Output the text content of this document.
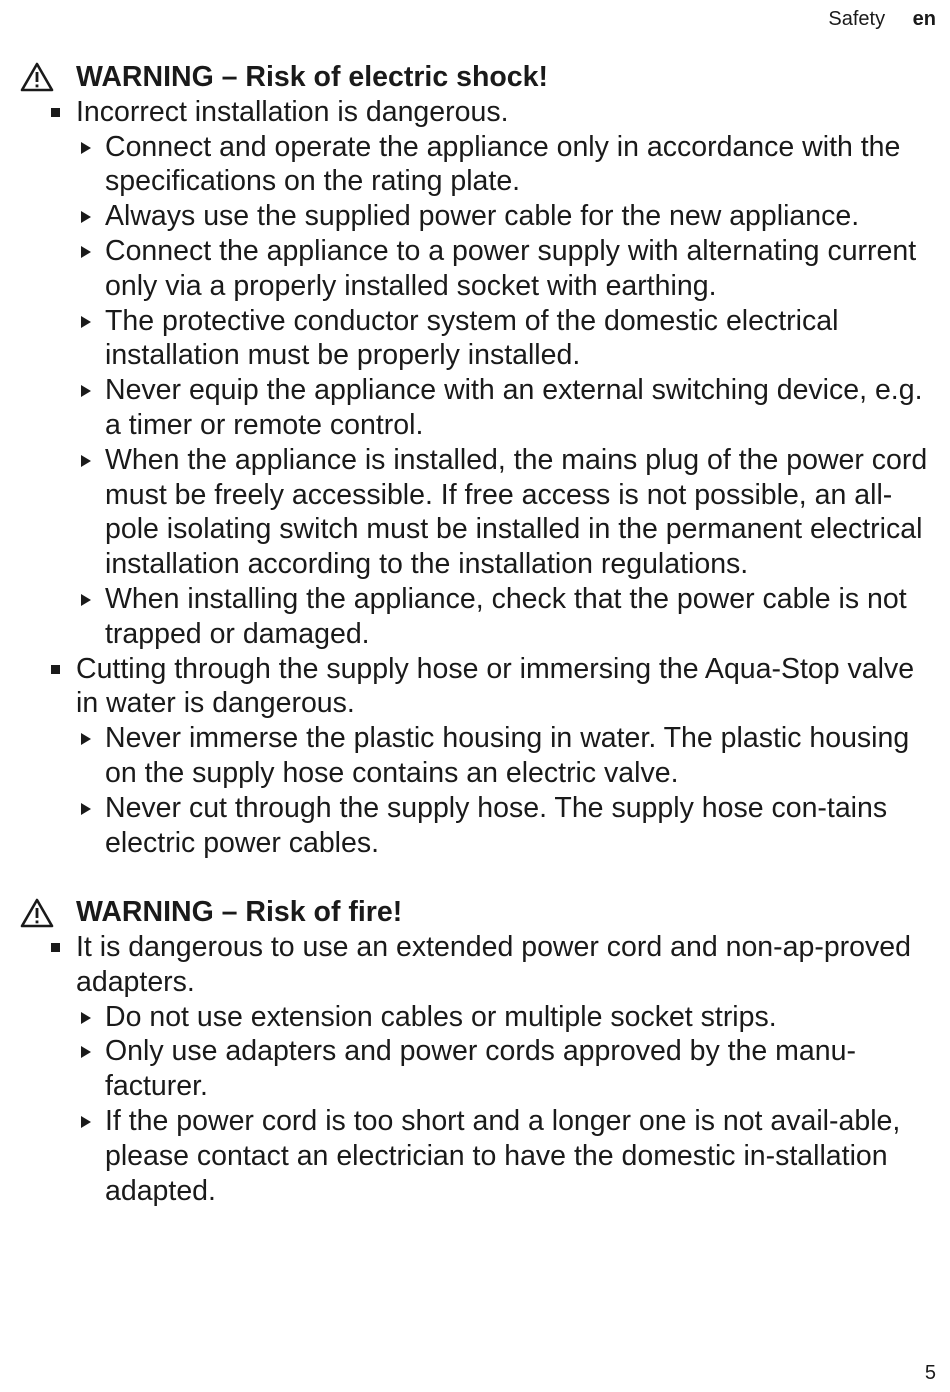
Safety en
WARNING – Risk of electric shock!
Incorrect installation is dangerous.
Connect and operate the appliance only in accordance with the specifications on the rating plate.
Always use the supplied power cable for the new appliance.
Connect the appliance to a power supply with alternating current only via a properly installed socket with earthing.
The protective conductor system of the domestic electrical installation must be properly installed.
Never equip the appliance with an external switching device, e.g. a timer or remote control.
When the appliance is installed, the mains plug of the power cord must be freely accessible. If free access is not possible, an all-pole isolating switch must be installed in the permanent electrical installation according to the installation regulations.
When installing the appliance, check that the power cable is not trapped or damaged.
Cutting through the supply hose or immersing the Aqua-Stop valve in water is dangerous.
Never immerse the plastic housing in water. The plastic housing on the supply hose contains an electric valve.
Never cut through the supply hose. The supply hose con-tains electric power cables.
WARNING – Risk of fire!
It is dangerous to use an extended power cord and non-ap-proved adapters.
Do not use extension cables or multiple socket strips.
Only use adapters and power cords approved by the manu-facturer.
If the power cord is too short and a longer one is not avail-able, please contact an electrician to have the domestic in-stallation adapted.
5
